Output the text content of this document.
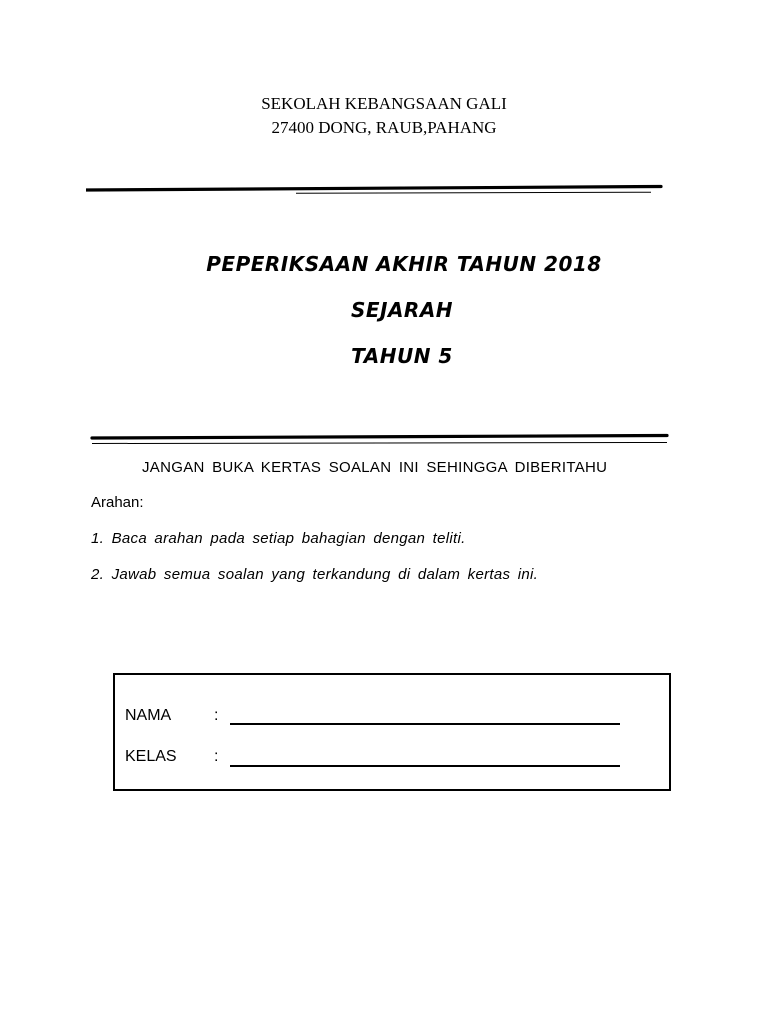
SEKOLAH KEBANGSAAN GALI
27400 DONG, RAUB,PAHANG
PEPERIKSAAN AKHIR TAHUN 2018
SEJARAH
TAHUN 5
JANGAN BUKA KERTAS SOALAN INI SEHINGGA DIBERITAHU
Arahan:
1. Baca arahan pada setiap bahagian dengan teliti.
2. Jawab semua soalan yang terkandung di dalam kertas ini.
NAMA	:
KELAS :
